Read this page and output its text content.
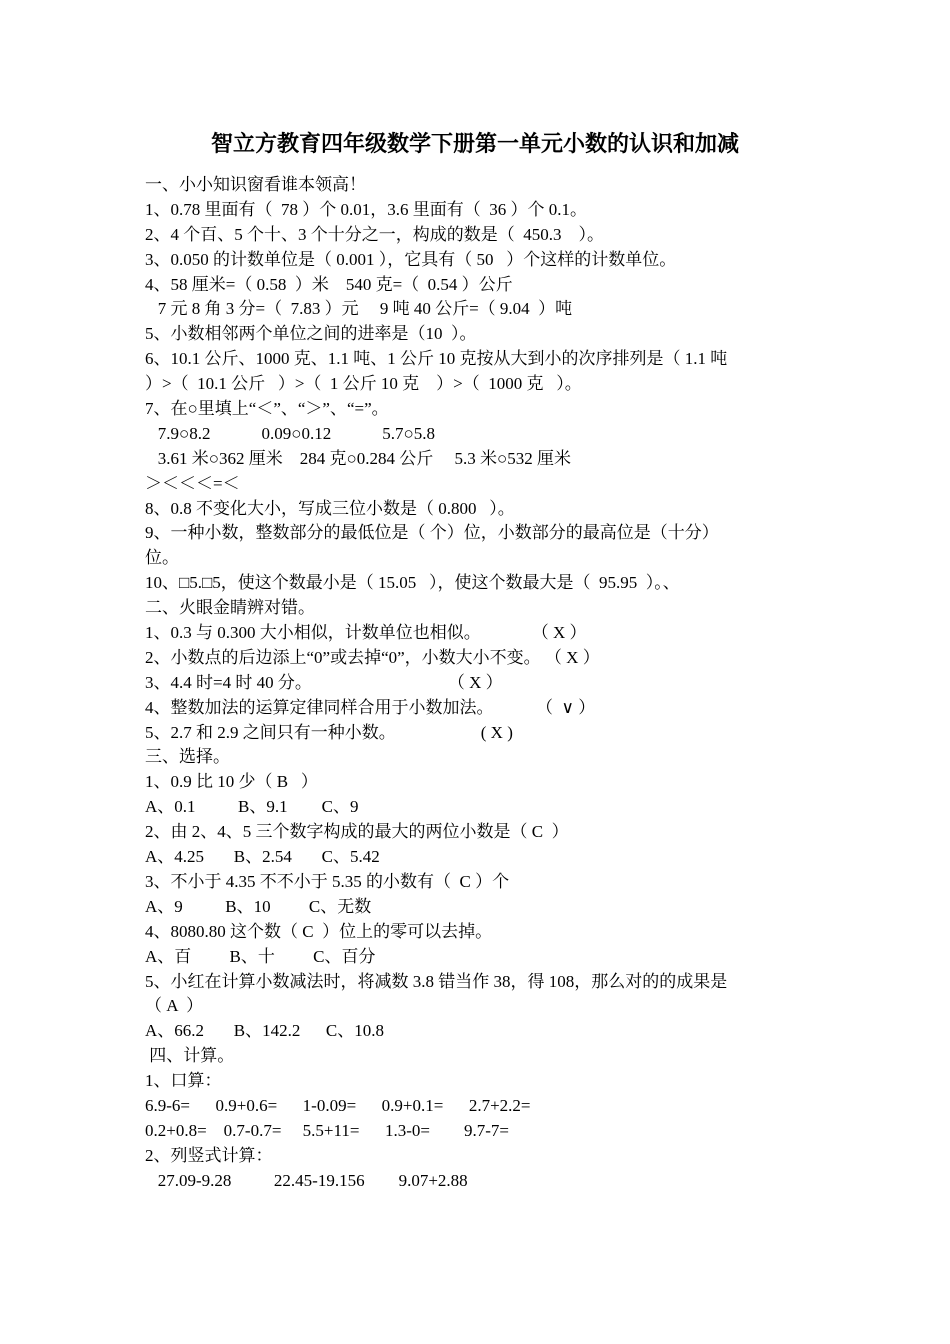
智立方教育四年级数学下册第一单元小数的认识和加减
一、小小知识窗看谁本领高！
1、0.78 里面有（  78 ）个 0.01，3.6 里面有（  36 ）个 0.1。
2、4 个百、5 个十、3 个十分之一，构成的数是（  450.3    ）。
3、0.050 的计数单位是（ 0.001 ），它具有（ 50   ）个这样的计数单位。
4、58 厘米=（ 0.58  ）米    540 克=（  0.54 ）公斤
7 元 8 角 3 分=（  7.83 ）元     9 吨 40 公斤=（ 9.04  ）吨
5、小数相邻两个单位之间的进率是（10  ）。
6、10.1 公斤、1000 克、1.1 吨、1 公斤 10 克按从大到小的次序排列是（ 1.1 吨
）>（  10.1 公斤   ）>（  1 公斤 10 克    ）>（  1000 克   ）。
7、在○里填上“＜”、“＞”、“=”。
7.9○8.2            0.09○0.12            5.7○5.8
3.61 米○362 厘米    284 克○0.284 公斤     5.3 米○532 厘米
＞＜＜＜=＜
8、0.8 不变化大小，写成三位小数是（ 0.800   ）。
9、一种小数，整数部分的最低位是（ 个）位，小数部分的最高位是（十分）
位。
10、□5.□5，使这个数最小是（ 15.05   ），使这个数最大是（  95.95  ）。、
二、火眼金睛辨对错。
1、0.3 与 0.300 大小相似，计数单位也相似。            （ X ）
2、小数点的后边添上“0”或去掉“0”，小数大小不变。 （ X ）
3、4.4 时=4 时 40 分。                                （ X ）
4、整数加法的运算定律同样合用于小数加法。          （  ∨ ）
5、2.7 和 2.9 之间只有一种小数。                    ( X )
三、选择。
1、0.9 比 10 少（ B   ）
A、0.1          B、9.1        C、9
2、由 2、4、5 三个数字构成的最大的两位小数是（ C  ）
A、4.25       B、2.54       C、5.42
3、不小于 4.35 不不小于 5.35 的小数有（  C ）个
A、9          B、10         C、无数
4、8080.80 这个数（ C  ）位上的零可以去掉。
A、百         B、十         C、百分
5、小红在计算小数减法时，将减数 3.8 错当作 38，得 108，那么对的的成果是
（ A  ）
A、66.2       B、142.2      C、10.8
四、计算。
1、口算：
6.9-6=      0.9+0.6=      1-0.09=      0.9+0.1=      2.7+2.2=
0.2+0.8=    0.7-0.7=     5.5+11=      1.3-0=        9.7-7=
2、列竖式计算：
27.09-9.28          22.45-19.156        9.07+2.88
